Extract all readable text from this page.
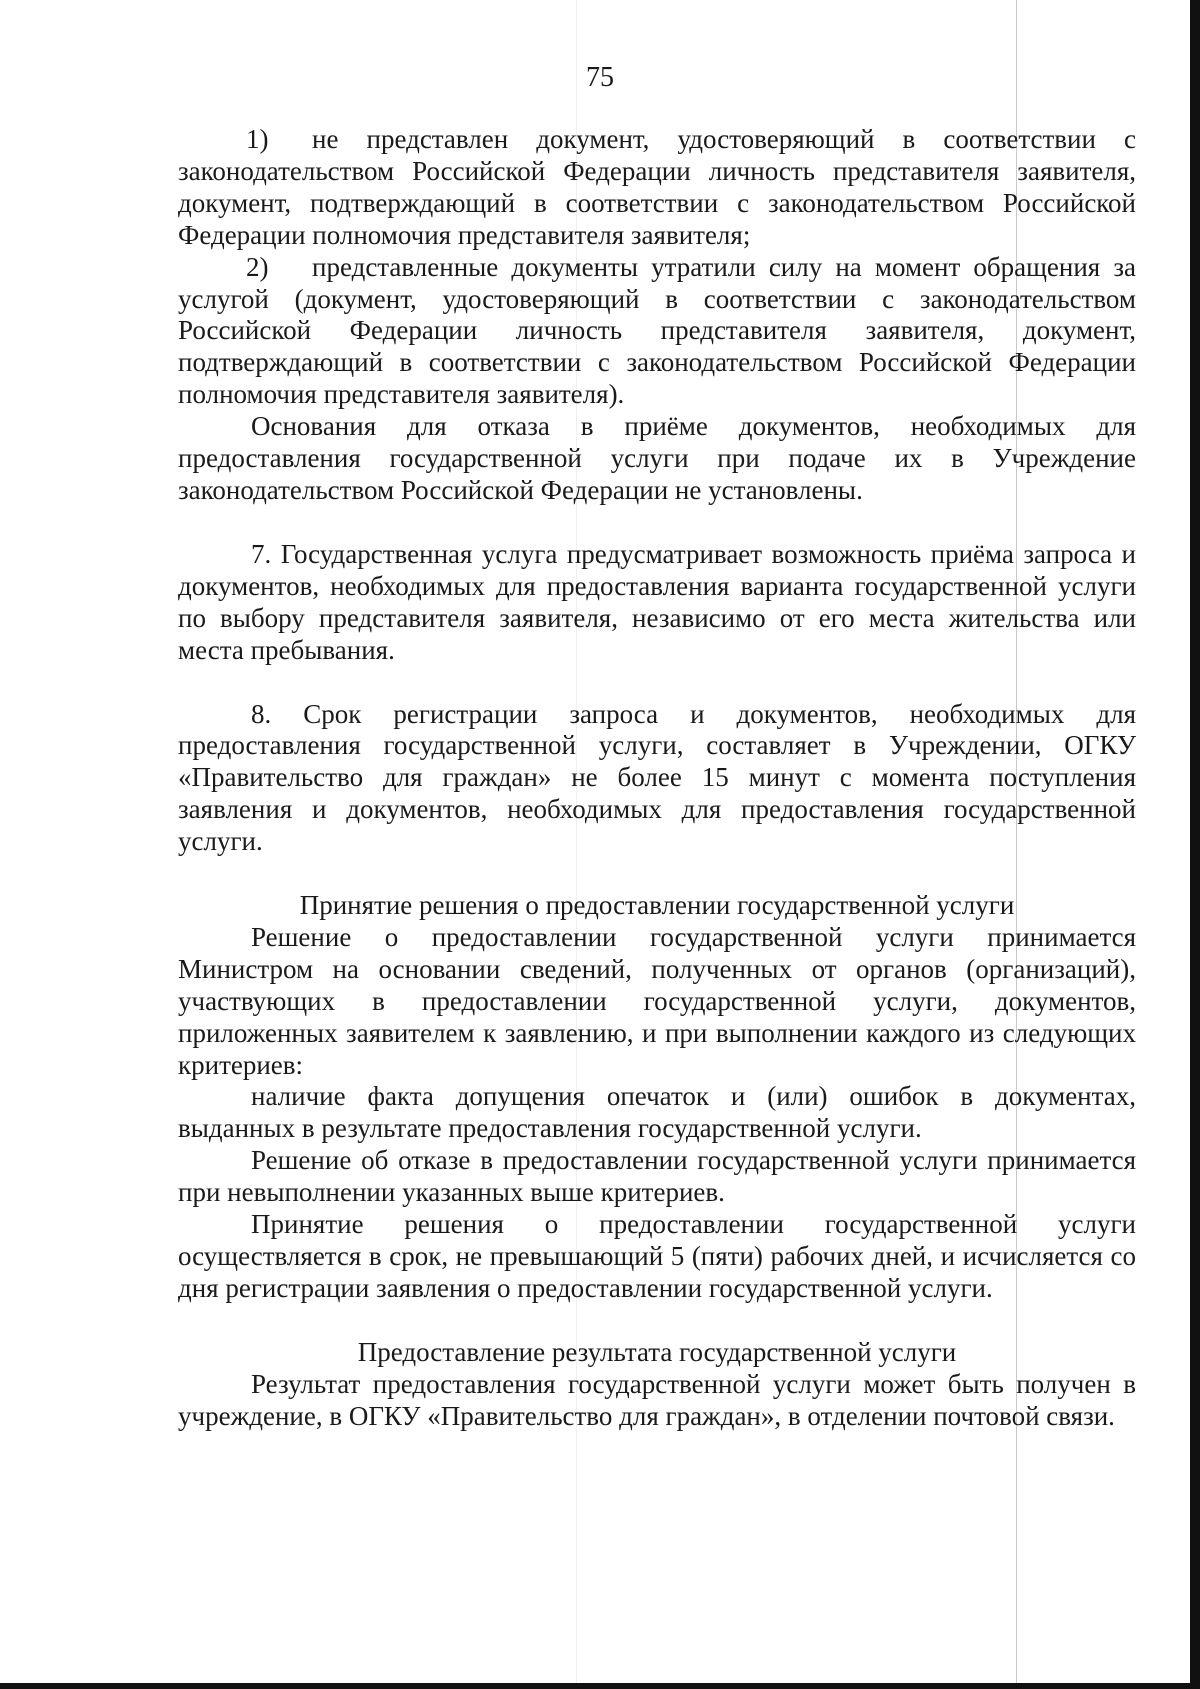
75

1) не представлен документ, удостоверяющий в соответствии с законодательством Российской Федерации личность представителя заявителя, документ, подтверждающий в соответствии с законодательством Российской Федерации полномочия представителя заявителя;

2) представленные документы утратили силу на момент обращения за услугой (документ, удостоверяющий в соответствии с законодательством Российской Федерации личность представителя заявителя, документ, подтверждающий в соответствии с законодательством Российской Федерации полномочия представителя заявителя).

Основания для отказа в приёме документов, необходимых для предоставления государственной услуги при подаче их в Учреждение законодательством Российской Федерации не установлены.

7. Государственная услуга предусматривает возможность приёма запроса и документов, необходимых для предоставления варианта государственной услуги по выбору представителя заявителя, независимо от его места жительства или места пребывания.

8. Срок регистрации запроса и документов, необходимых для предоставления государственной услуги, составляет в Учреждении, ОГКУ «Правительство для граждан» не более 15 минут с момента поступления заявления и документов, необходимых для предоставления государственной услуги.

Принятие решения о предоставлении государственной услуги

Решение о предоставлении государственной услуги принимается Министром на основании сведений, полученных от органов (организаций), участвующих в предоставлении государственной услуги, документов, приложенных заявителем к заявлению, и при выполнении каждого из следующих критериев:

наличие факта допущения опечаток и (или) ошибок в документах, выданных в результате предоставления государственной услуги.

Решение об отказе в предоставлении государственной услуги принимается при невыполнении указанных выше критериев.

Принятие решения о предоставлении государственной услуги осуществляется в срок, не превышающий 5 (пяти) рабочих дней, и исчисляется со дня регистрации заявления о предоставлении государственной услуги.

Предоставление результата государственной услуги

Результат предоставления государственной услуги может быть получен в учреждение, в ОГКУ «Правительство для граждан», в отделении почтовой связи.
